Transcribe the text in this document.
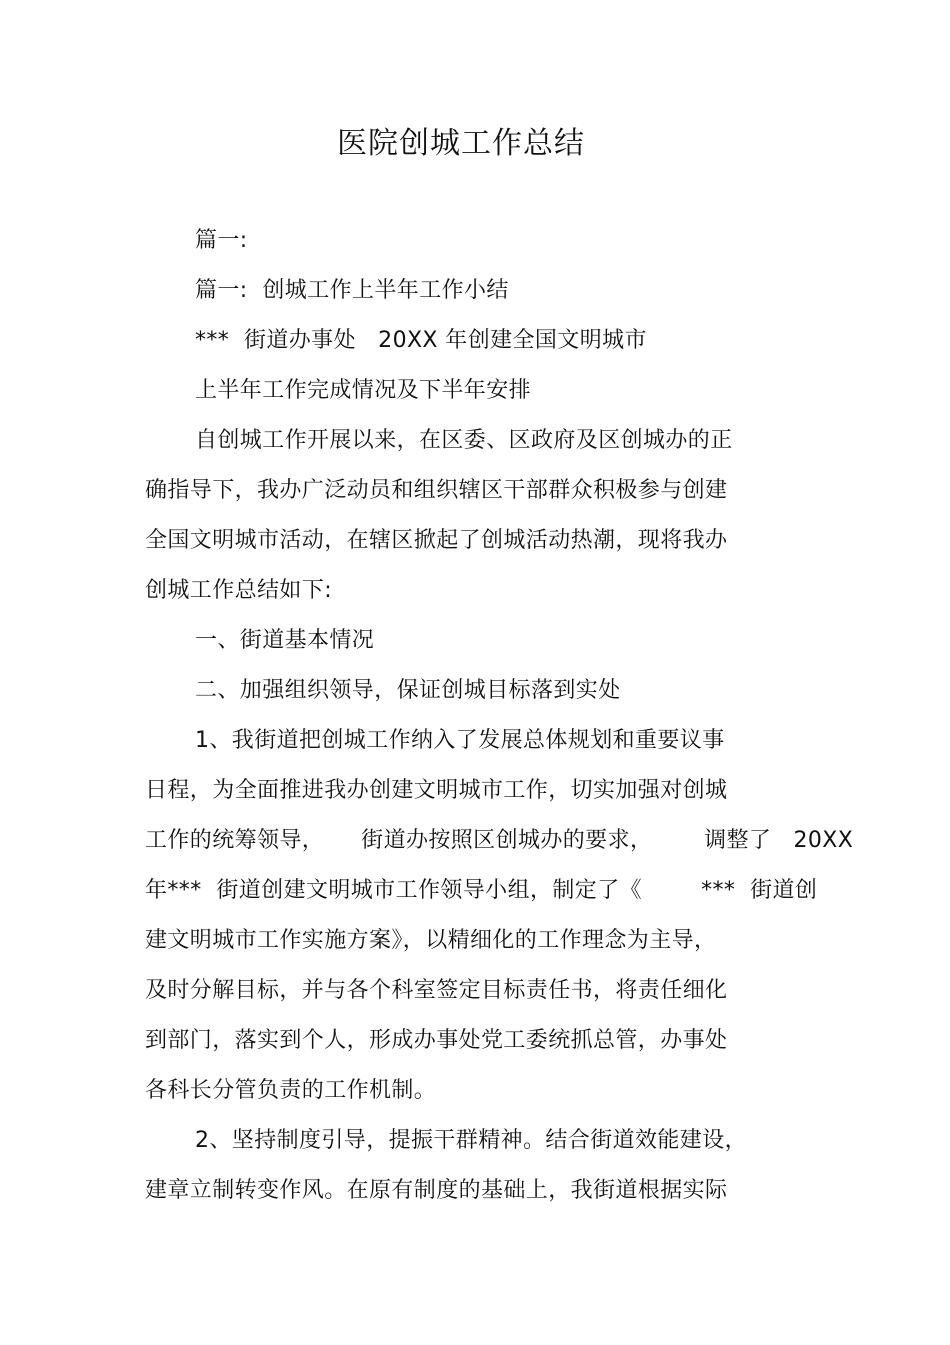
医院创城工作总结
篇一:
篇一:  创城工作上半年工作小结
***  街道办事处   20XX 年创建全国文明城市
上半年工作完成情况及下半年安排
自创城工作开展以来，在区委、区政府及区创城办的正
确指导下，我办广泛动员和组织辖区干部群众积极参与创建
全国文明城市活动，在辖区掀起了创城活动热潮，现将我办
创城工作总结如下:
一、街道基本情况
二、加强组织领导，保证创城目标落到实处
1、我街道把创城工作纳入了发展总体规划和重要议事
日程，为全面推进我办创建文明城市工作，切实加强对创城
工作的统筹领导，     街道办按照区创城办的要求，       调整了   20XX
年***  街道创建文明城市工作领导小组，制定了《        ***  街道创
建文明城市工作实施方案》，以精细化的工作理念为主导，
及时分解目标，并与各个科室签定目标责任书，将责任细化
到部门，落实到个人，形成办事处党工委统抓总管，办事处
各科长分管负责的工作机制。
2、坚持制度引导，提振干群精神。结合街道效能建设，
建章立制转变作风。在原有制度的基础上，我街道根据实际
